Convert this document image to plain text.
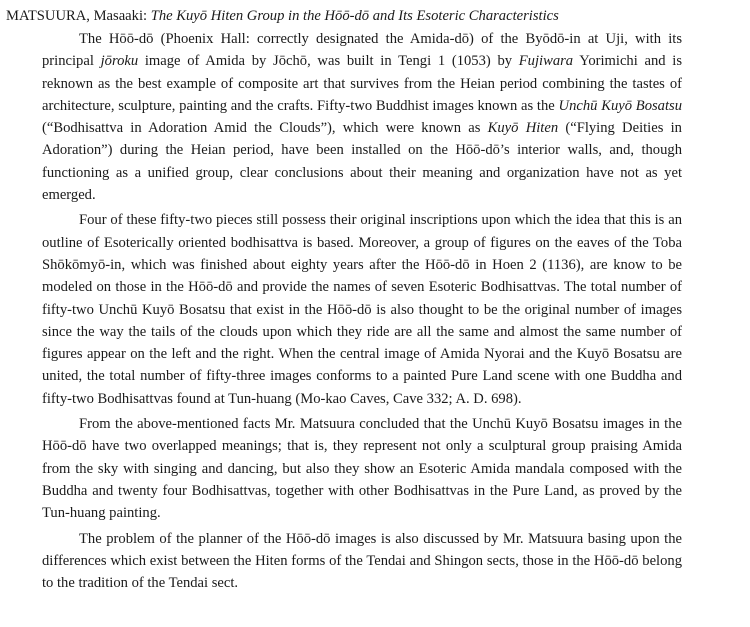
MATSUURA, Masaaki: The Kuyō Hiten Group in the Hōō-dō and Its Esoteric Characteristics

The Hōō-dō (Phoenix Hall: correctly designated the Amida-dō) of the Byōdō-in at Uji, with its principal jōroku image of Amida by Jōchō, was built in Tengi 1 (1053) by Fujiwara Yorimichi and is reknown as the best example of composite art that survives from the Heian period combining the tastes of architecture, sculpture, painting and the crafts. Fifty-two Buddhist images known as the Unchū Kuyō Bosatsu (“Bodhisattva in Adoration Amid the Clouds”), which were known as Kuyō Hiten (“Flying Deities in Adoration”) during the Heian period, have been installed on the Hōō-dō’s interior walls, and, though functioning as a unified group, clear conclusions about their meaning and organization have not as yet emerged.

Four of these fifty-two pieces still possess their original inscriptions upon which the idea that this is an outline of Esoterically oriented bodhisattva is based. Moreover, a group of figures on the eaves of the Toba Shōkōmyō-in, which was finished about eighty years after the Hōō-dō in Hoen 2 (1136), are know to be modeled on those in the Hōō-dō and provide the names of seven Esoteric Bodhisattvas. The total number of fifty-two Unchū Kuyō Bosatsu that exist in the Hōō-dō is also thought to be the original number of images since the way the tails of the clouds upon which they ride are all the same and almost the same number of figures appear on the left and the right. When the central image of Amida Nyorai and the Kuyō Bosatsu are united, the total number of fifty-three images conforms to a painted Pure Land scene with one Buddha and fifty-two Bodhisattvas found at Tun-huang (Mo-kao Caves, Cave 332; A. D. 698).

From the above-mentioned facts Mr. Matsuura concluded that the Unchū Kuyō Bosatsu images in the Hōō-dō have two overlapped meanings; that is, they represent not only a sculptural group praising Amida from the sky with singing and dancing, but also they show an Esoteric Amida mandala composed with the Buddha and twenty four Bodhisattvas, together with other Bodhisattvas in the Pure Land, as proved by the Tun-huang painting.

The problem of the planner of the Hōō-dō images is also discussed by Mr. Matsuura basing upon the differences which exist between the Hiten forms of the Tendai and Shingon sects, those in the Hōō-dō belong to the tradition of the Tendai sect.
